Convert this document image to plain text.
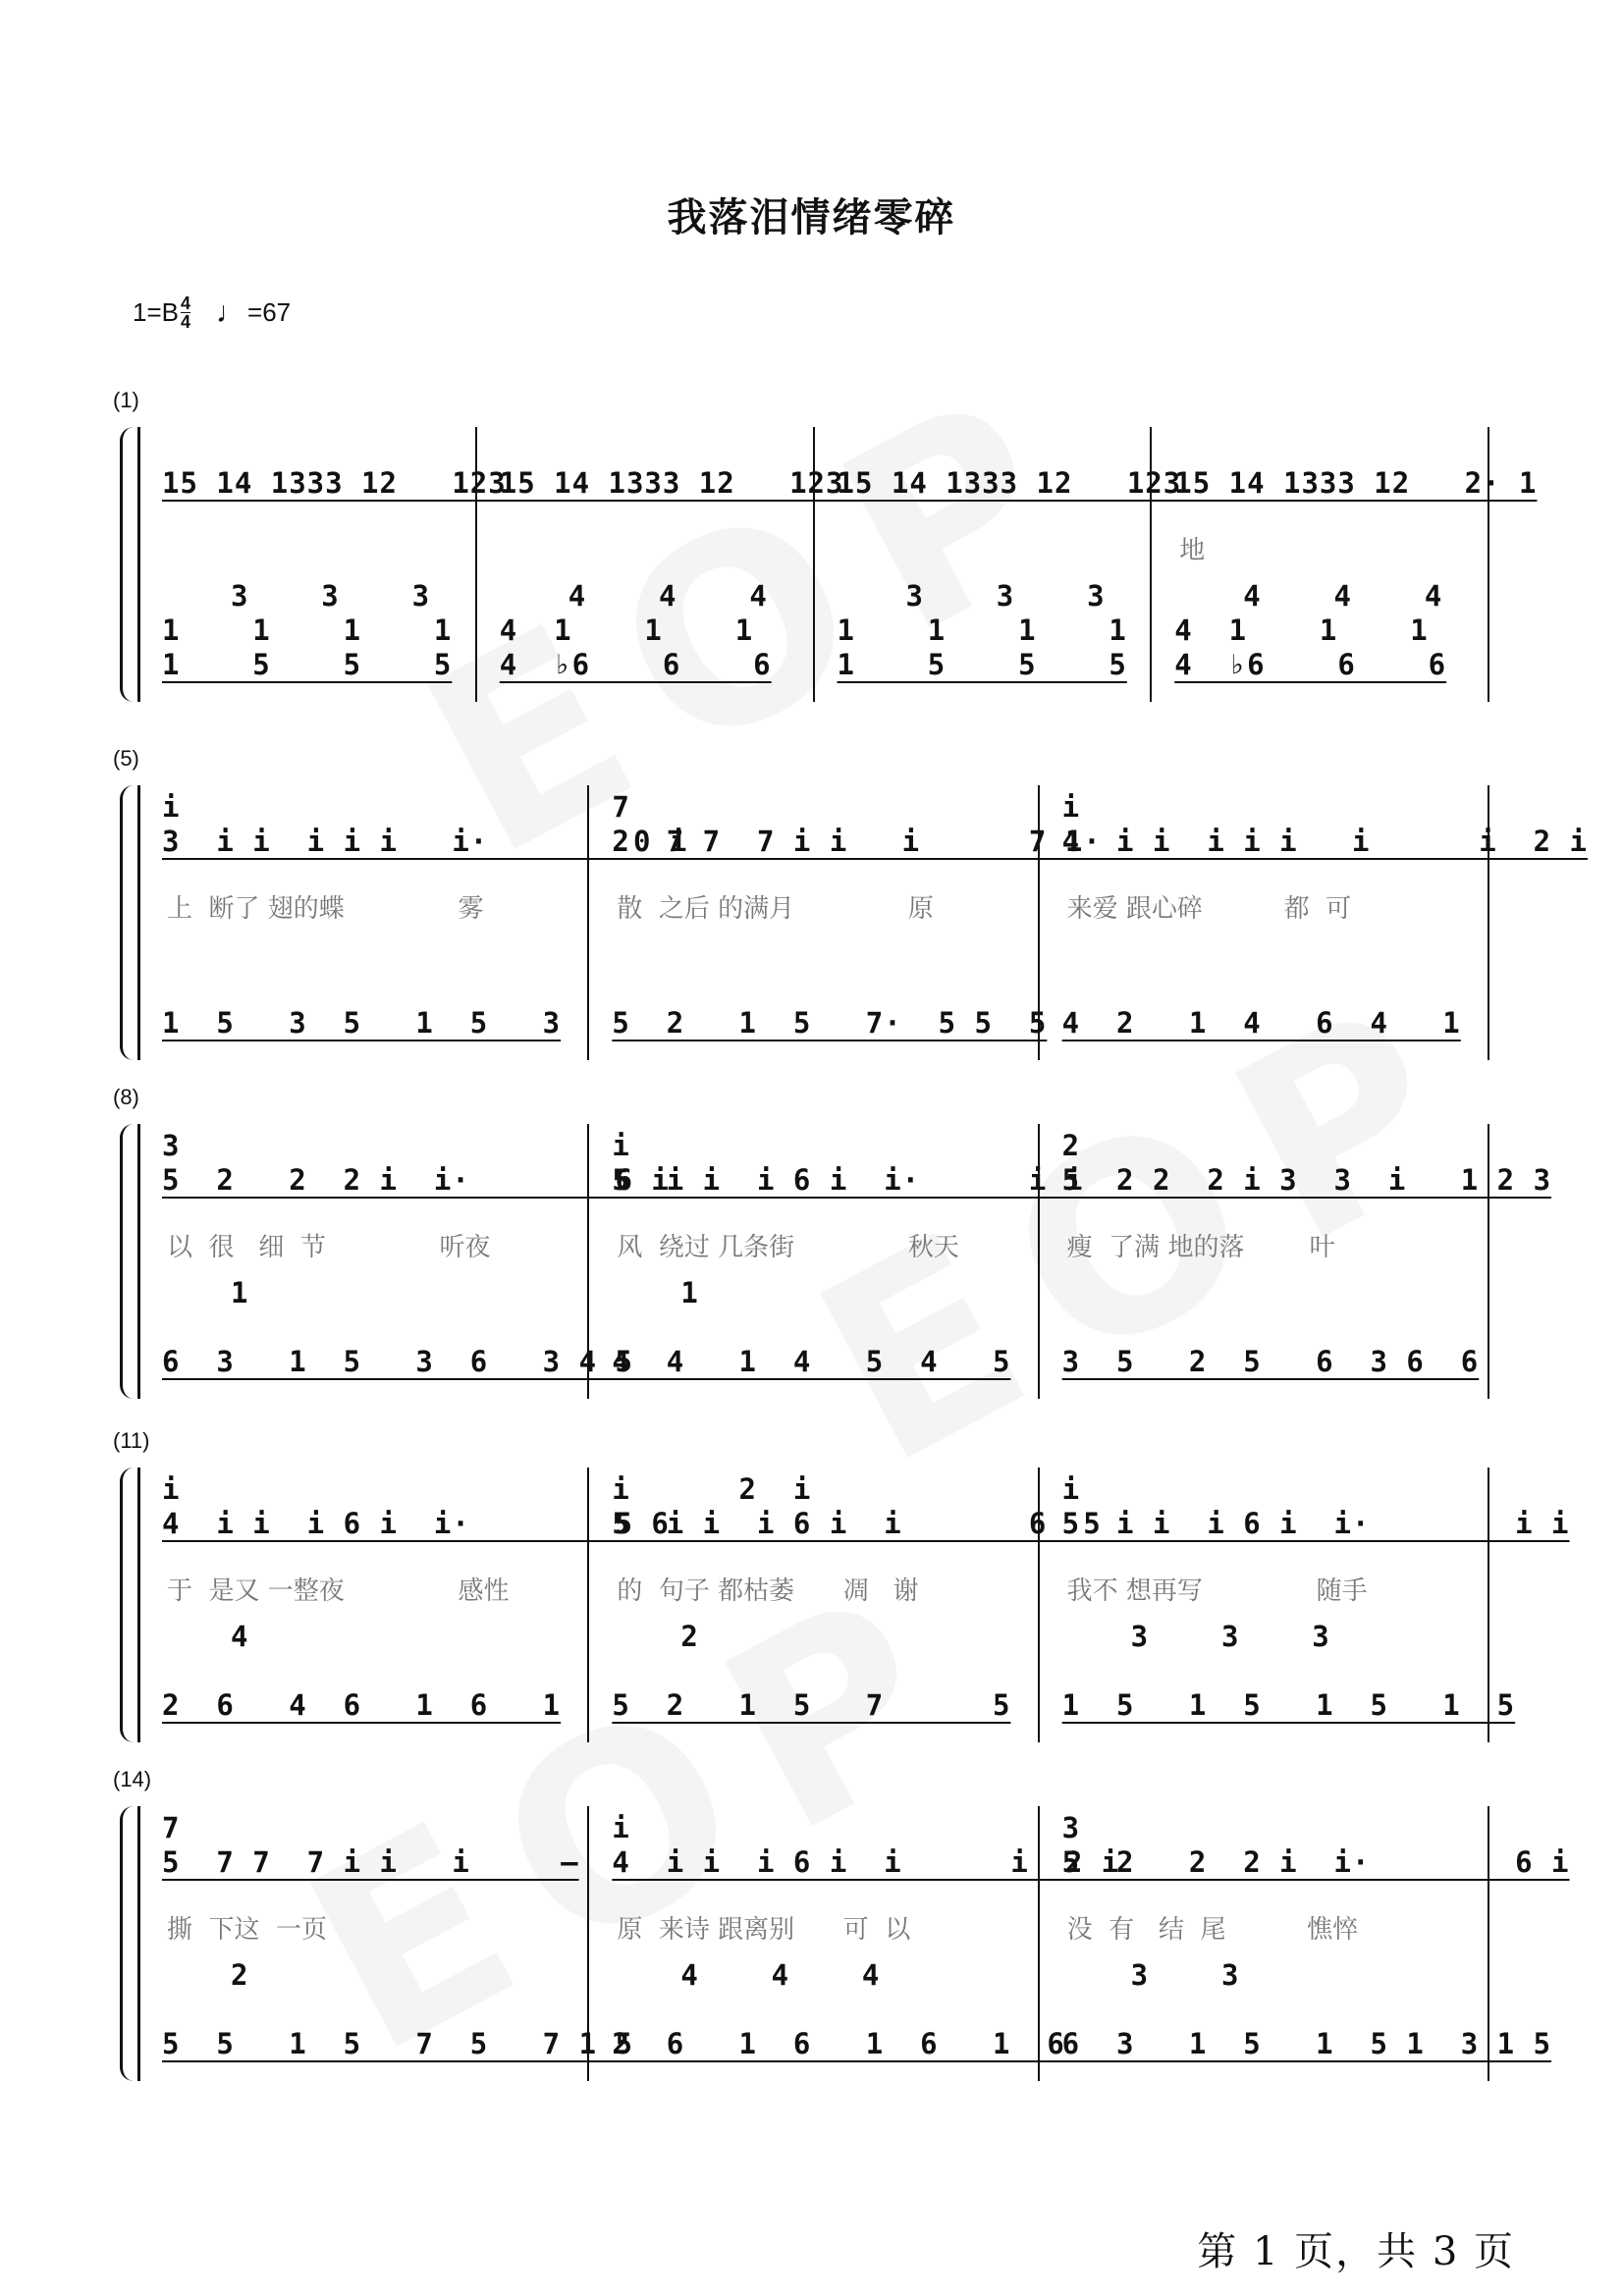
我落泪情绪零碎
1=B 4
4 ♩ =67
(1)
15 14 1333 12   123
3    3    3
1    1    1    1
1    5    5    5
15 14 1333 12   123
4    4    4
4  1    1    1
4  ♭6    6    6
15 14 1333 12   123
3    3    3
1    1    1    1
1    5    5    5
15 14 1333 12   2· 1
地
4    4    4
4  1    1    1
4  ♭6    6    6
(5)
i
3  i i  i i i   i·        0 i
上  断了 翅的蝶              雾
1  5   3  5   1  5   3
7
2  7 7  7 i i   i      7 1·
散  之后 的满月              原
5  2   1  5   7·  5 5  5
i
4  i i  i i i   i      i  2 i
来爱 跟心碎          都  可
4  2   1  4   6  4   1
(8)
3
5  2   2  2 i  i·        6 i
以  很   细  节              听夜
1
6  3   1  5   3  6   3 4 5
i
5  i i  i 6 i  i·      i i
风  绕过 几条街              秋天
1
4  4   1  4   5  4   5
2
5  2 2  2 i 3  3  i   1 2 3
瘦  了满 地的落        叶
3  5   2  5   6  3 6  6
(11)
i
4  i i  i 6 i  i·        5 6
于  是又 一整夜              感性
4
2  6   4  6   1  6   1
i      2  i
5  i i  i 6 i  i       6  5
的  句子 都枯萎      凋   谢
2
5  2   1  5   7      5
i
5  i i  i 6 i  i·        i i
我不 想再写              随手
3    3    3
1  5   1  5   1  5   1  5
(14)
7
5  7 7  7 i i   i     –
撕  下这  一页
2
5  5   1  5   7  5   7 1 5
i
4  i i  i 6 i  i      i  2 i
原  来诗 跟离别      可  以
4    4    4
2  6   1  6   1  6   1  6
3
5  2   2  2 i  i·        6 i
没  有   结  尾          憔悴
3    3
6  3   1  5   1  5 1  3 1 5
第 1 页，共 3 页
